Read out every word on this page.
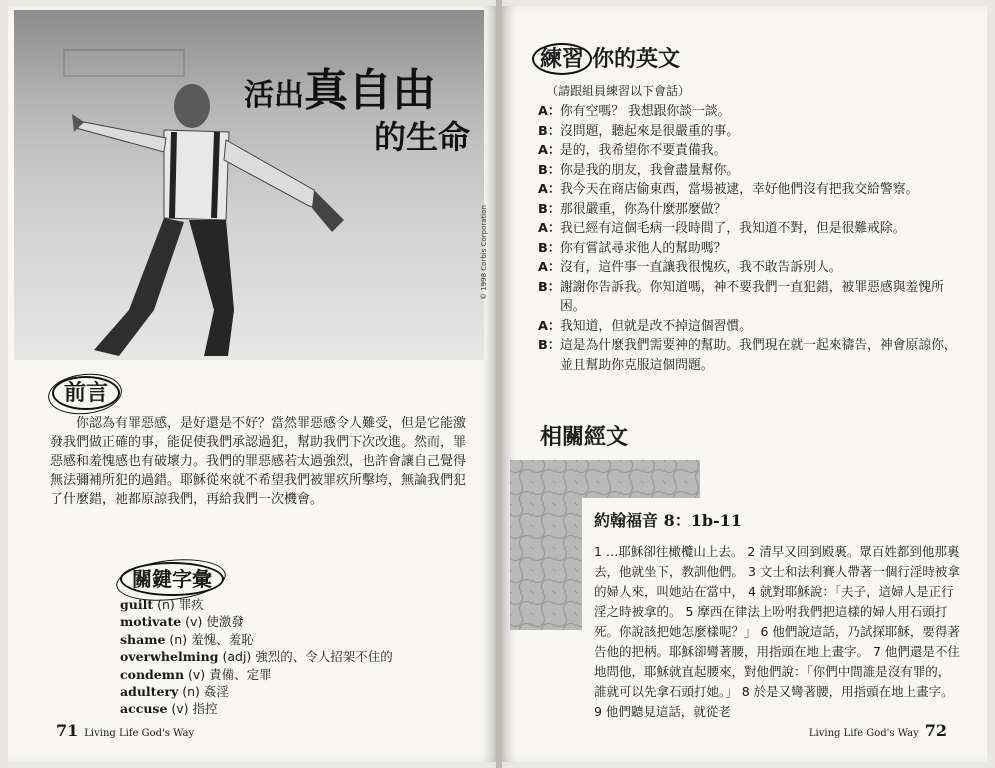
© 1998 Corbis Corporation
活出真自由
的生命
前言
你認為有罪惡感，是好還是不好？當然罪惡感令人難受，但是它能激發我們做正確的事，能促使我們承認過犯，幫助我們下次改進。然而，罪惡感和羞愧感也有破壞力。我們的罪惡感若太過強烈，也許會讓自己覺得無法彌補所犯的過錯。耶穌從來就不希望我們被罪疚所擊垮，無論我們犯了什麼錯，祂都原諒我們，再給我們一次機會。
關鍵字彙
guilt (n) 罪疚
motivate (v) 使激發
shame (n) 羞愧、羞恥
overwhelming (adj) 強烈的、令人招架不住的
condemn (v) 責備、定罪
adultery (n) 姦淫
accuse (v) 指控
71 Living Life God's Way
練習 你的英文
（請跟組員練習以下會話）
A： 你有空嗎？ 我想跟你談一談。
B： 沒問題，聽起來是很嚴重的事。
A： 是的，我希望你不要責備我。
B： 你是我的朋友，我會盡量幫你。
A： 我今天在商店偷東西，當場被逮，幸好他們沒有把我交給警察。
B： 那很嚴重，你為什麼那麼做？
A： 我已經有這個毛病一段時間了，我知道不對，但是很難戒除。
B： 你有嘗試尋求他人的幫助嗎？
A： 沒有，這件事一直讓我很愧疚，我不敢告訴別人。
B： 謝謝你告訴我。你知道嗎，神不要我們一直犯錯，被罪惡感與羞愧所困。
A： 我知道，但就是改不掉這個習慣。
B： 這是為什麼我們需要神的幫助。我們現在就一起來禱告，神會原諒你，並且幫助你克服這個問題。
相關經文
約翰福音 8：1b-11
1 …耶穌卻往橄欖山上去。 2 清早又回到殿裏。眾百姓都到他那裏去，他就坐下，教訓他們。 3 文士和法利賽人帶著一個行淫時被拿的婦人來，叫她站在當中， 4 就對耶穌說：「夫子，這婦人是正行淫之時被拿的。 5 摩西在律法上吩咐我們把這樣的婦人用石頭打死。你說該把她怎麼樣呢？」 6 他們說這話，乃試探耶穌，要得著告他的把柄。耶穌卻彎著腰，用指頭在地上畫字。 7 他們還是不住地問他，耶穌就直起腰來，對他們說：「你們中間誰是沒有罪的，誰就可以先拿石頭打她。」 8 於是又彎著腰，用指頭在地上畫字。 9 他們聽見這話，就從老
Living Life God's Way 72
